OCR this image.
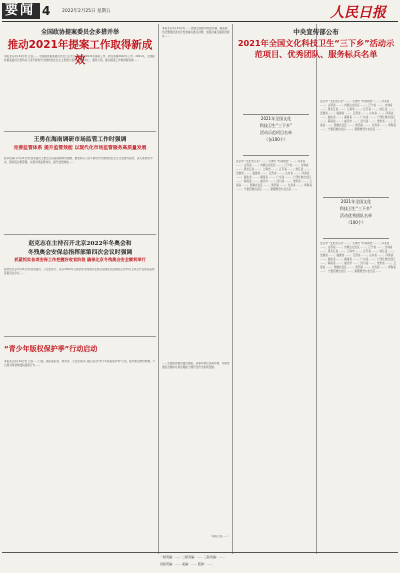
要闻 4	2022年2月25日 星期五	人民日报
全国政协提案委员会多措并举
推动2021年提案工作取得新成效
本报北京2月24日电 记者…… 全国政协提案委员会近日召开会议，总结2021年提案工作，研究部署2022年工作。2021年，全国政协提案委员会坚持以习近平新时代中国特色社会主义思想为指导，围绕中心、服务大局，推动提案工作取得新成效……
王勇在海南调研市场监管工作时强调
完善监管体系 提升监管效能 以现代化市场监管服务高质量发展
新华社海口2月24日电 国务委员王勇近日在海南调研时强调，要坚持以习近平新时代中国特色社会主义思想为指导，深入贯彻党中央、国务院决策部署，完善市场监管体系，提升监管效能……
赵克志在主持召开北京2022年冬奥会和
冬残奥会安保总指挥部第四次会议时强调
抓紧抓实各项安保工作把握好收官阶段 确保北京冬残奥会安全顺利举行
新华社北京2月24日电 国务委员、公安部部长、北京2022年冬奥会和冬残奥会安保总指挥部总指挥赵克志24日主持召开安保总指挥部第四次会议……
“青少年版权保护季”行动启动
本报北京2月24日电 记者……日前，国家版权局、教育部、公安部等部门联合启动“青少年版权保护季”行动，集中整治教材教辅、少儿图书等领域侵权盗版行为……
本报北京2月24日电 ……按照全国政协党组部署，提案委员会聚焦经济社会发展重点难点问题，加强对重点提案的督办……
……全国政协委员提出提案，各承办单位认真办理，为推进国家治理体系和治理能力现代化作出积极贡献。
（本报记者……）
中央宣传部公布
2021年全国文化科技卫生“三下乡”活动示范项目、优秀团队、服务标兵名单
2021年全国文化
科技卫生“三下乡”
活动示范项目名单
（各100个）
2021年全国文化
科技卫生“三下乡”
活动优秀团队名单
（100个）
北京市 “文化进万家”……；天津市 “科技助农”……；河北省 ……；山西省 ……；内蒙古自治区 ……；辽宁省 ……；吉林省 ……；黑龙江省 ……；上海市 ……；江苏省 ……；浙江省 ……；安徽省 ……；福建省 ……；江西省 ……；山东省 ……；河南省 ……；湖北省 ……；湖南省 ……；广东省 ……；广西壮族自治区 ……；海南省 ……；重庆市 ……；四川省 ……；贵州省 ……；云南省 ……；西藏自治区 ……；陕西省 ……；甘肃省 ……；青海省 ……；宁夏回族自治区 ……；新疆维吾尔自治区 ……
北京市 “文化进万家”……；天津市 “科技助农”……；河北省 ……；山西省 ……；内蒙古自治区 ……；辽宁省 ……；吉林省 ……；黑龙江省 ……；上海市 ……；江苏省 ……；浙江省 ……；安徽省 ……；福建省 ……；江西省 ……；山东省 ……；河南省 ……；湖北省 ……；湖南省 ……；广东省 ……；广西壮族自治区 ……；海南省 ……；重庆市 ……；四川省 ……；贵州省 ……；云南省 ……；西藏自治区 ……；陕西省 ……；甘肃省 ……；青海省 ……；宁夏回族自治区 ……；新疆维吾尔自治区 ……
北京市 “文化进万家”……；天津市 “科技助农”……；河北省 ……；山西省 ……；内蒙古自治区 ……；辽宁省 ……；吉林省 ……；黑龙江省 ……；上海市 ……；江苏省 ……；浙江省 ……；安徽省 ……；福建省 ……；江西省 ……；山东省 ……；河南省 ……；湖北省 ……；湖南省 ……；广东省 ……；广西壮族自治区 ……；海南省 ……；重庆市 ……；四川省 ……；贵州省 ……；云南省 ……；西藏自治区 ……；陕西省 ……；甘肃省 ……；青海省 ……；宁夏回族自治区 ……；新疆维吾尔自治区 ……
一版责编：…… 二版责编：…… 三版责编：……
四版责编：…… 美编：…… 照排：……
